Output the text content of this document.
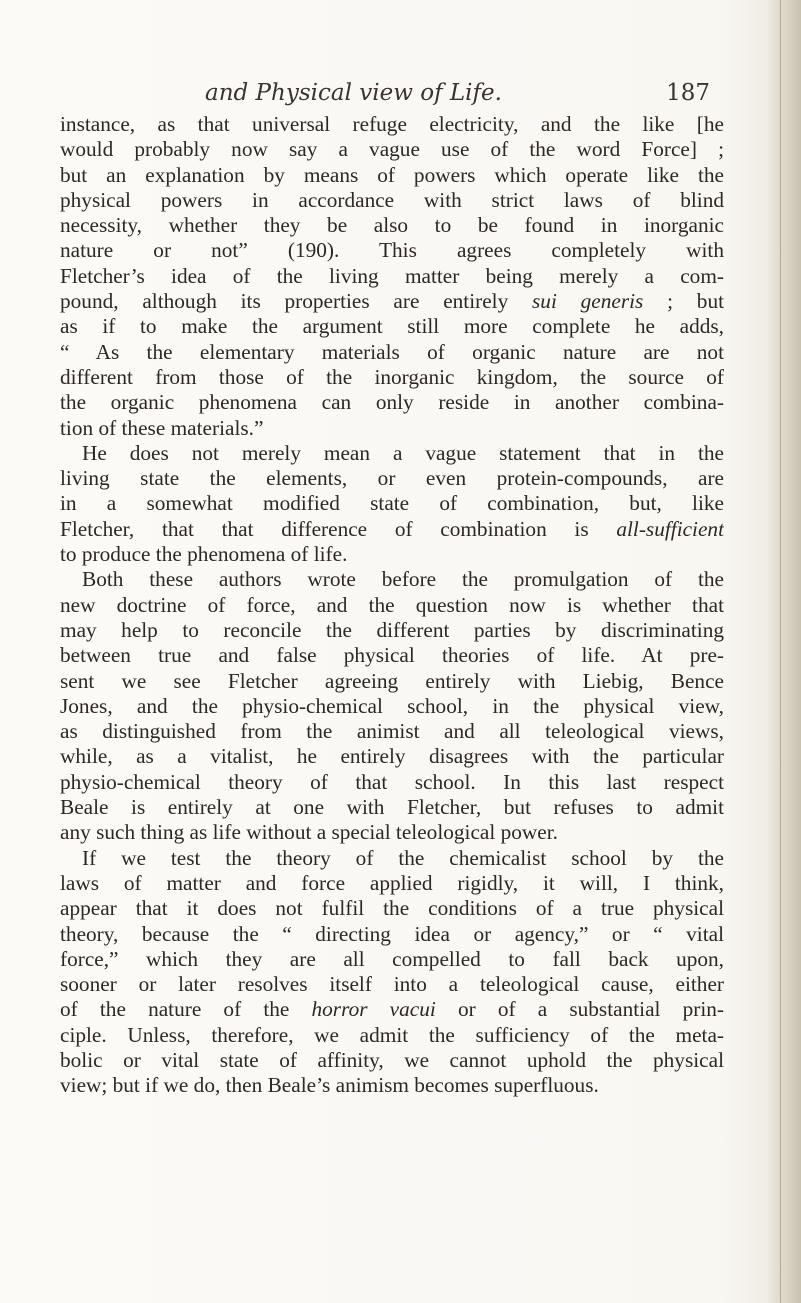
and Physical view of Life.	187
instance, as that universal refuge electricity, and the like [he
would probably now say a vague use of the word Force] ;
but an explanation by means of powers which operate like the
physical powers in accordance with strict laws of blind
necessity, whether they be also to be found in inorganic
nature or not” (190). This agrees completely with
Fletcher’s idea of the living matter being merely a com-
pound, although its properties are entirely sui generis ; but
as if to make the argument still more complete he adds,
“ As the elementary materials of organic nature are not
different from those of the inorganic kingdom, the source of
the organic phenomena can only reside in another combina-
tion of these materials.”
He does not merely mean a vague statement that in the
living state the elements, or even protein-compounds, are
in a somewhat modified state of combination, but, like
Fletcher, that that difference of combination is all-sufficient
to produce the phenomena of life.
Both these authors wrote before the promulgation of the
new doctrine of force, and the question now is whether that
may help to reconcile the different parties by discriminating
between true and false physical theories of life. At pre-
sent we see Fletcher agreeing entirely with Liebig, Bence
Jones, and the physio-chemical school, in the physical view,
as distinguished from the animist and all teleological views,
while, as a vitalist, he entirely disagrees with the particular
physio-chemical theory of that school. In this last respect
Beale is entirely at one with Fletcher, but refuses to admit
any such thing as life without a special teleological power.
If we test the theory of the chemicalist school by the
laws of matter and force applied rigidly, it will, I think,
appear that it does not fulfil the conditions of a true physical
theory, because the “ directing idea or agency,” or “ vital
force,” which they are all compelled to fall back upon,
sooner or later resolves itself into a teleological cause, either
of the nature of the horror vacui or of a substantial prin-
ciple. Unless, therefore, we admit the sufficiency of the meta-
bolic or vital state of affinity, we cannot uphold the physical
view; but if we do, then Beale’s animism becomes superfluous.
